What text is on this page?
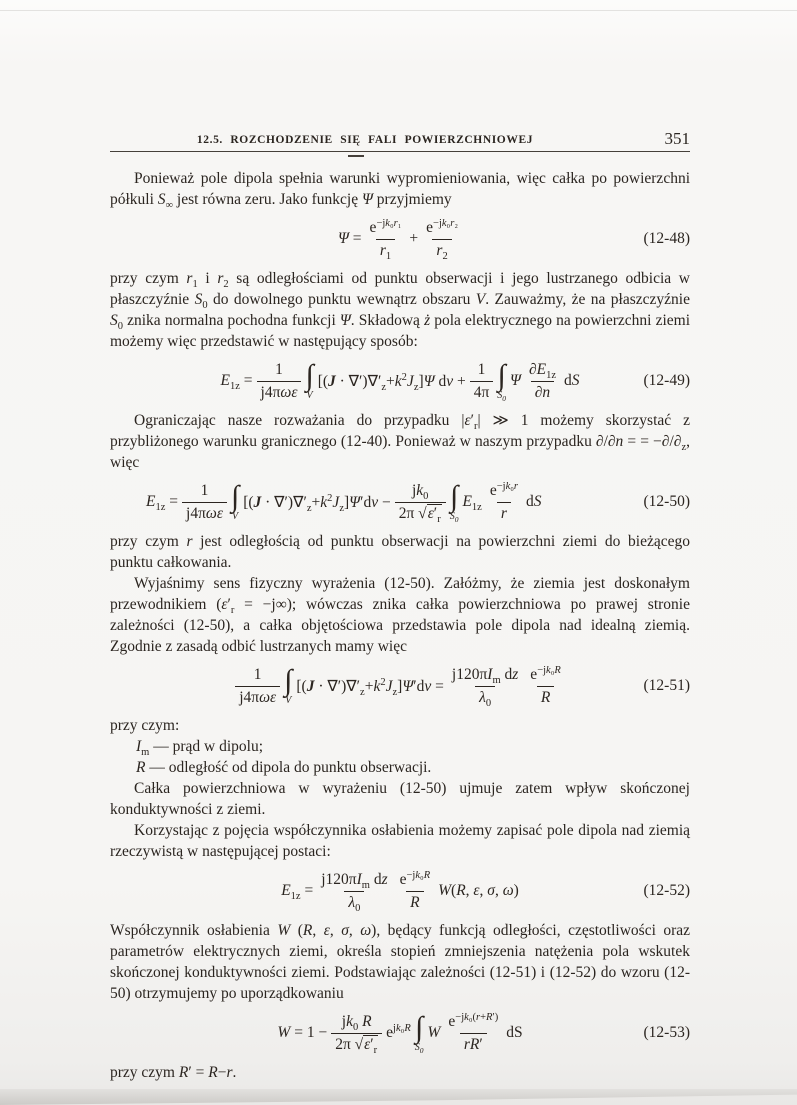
12.5. ROZCHODZENIE SIĘ FALI POWIERZCHNIOWEJ	351

Ponieważ pole dipola spełnia warunki wypromieniowania, więc całka po powierzchni półkuli $S_\infty$ jest równa zeru. Jako funkcję Ψ przyjmiemy

$\Psi = \frac{e^{-jk_0r_1}}{r_1} + \frac{e^{-jk_0r_2}}{r_2}$	(12-48)

przy czym $r_1$ i $r_2$ są odległościami od punktu obserwacji i jego lustrzanego odbicia w płaszczyźnie $S_0$ do dowolnego punktu wewnątrz obszaru V. Zauważmy, że na płaszczyźnie $S_0$ znika normalna pochodna funkcji Ψ. Składową ż pola elektrycznego na powierzchni ziemi możemy więc przedstawić w następujący sposób:

$E_{1z} = \frac{1}{\text{j4πωε}}$ ∫
V
$[(J \cdot \nabla')\nabla'_z+k^2J_z]\Psi$ dv + $\frac{1}{4\pi}$ ∫
$S_0$
Ψ $\frac{\partial E_{1z}}{\partial n}$ dS	(12-49)

Ograniczając nasze rozważania do przypadku $|\varepsilon'_r|$ ≫ 1 możemy skorzystać z przybliżonego warunku granicznego (12-40). Ponieważ w naszym przypadku ∂/∂n = = $-\partial/\partial_z$, więc

$E_{1z} = \frac{1}{\text{j4πωε}}$ ∫
V
$[(J \cdot \nabla')\nabla'_z+k^2J_z]\Psi'dv - \frac{jk_0}{2\pi √\varepsilon'_r}$ ∫
$S_0$
$E_{1z} \frac{e^{-jk_0r}}{r}$ dS	(12-50)

przy czym r jest odległością od punktu obserwacji na powierzchni ziemi do bieżącego punktu całkowania.

Wyjaśnimy sens fizyczny wyrażenia (12-50). Załóżmy, że ziemia jest doskonałym przewodnikiem $(\varepsilon'_r = -j\infty)$; wówczas znika całka powierzchniowa po prawej stronie zależności (12-50), a całka objętościowa przedstawia pole dipola nad idealną ziemią. Zgodnie z zasadą odbić lustrzanych mamy więc

$\frac{1}{\text{j4πωε}}$ ∫
V
$[(J \cdot \nabla')\nabla'_z+k^2J_z]\Psi'dv = \frac{j120\pi I_m dz}{\lambda_0} \frac{e^{-jk_0R}}{R}$	(12-51)

przy czym:

$I_m$ — prąd w dipolu;

R — odległość od dipola do punktu obserwacji.

Całka powierzchniowa w wyrażeniu (12-50) ujmuje zatem wpływ skończonej konduktywności z ziemi.

Korzystając z pojęcia współczynnika osłabienia możemy zapisać pole dipola nad ziemią rzeczywistą w następującej postaci:

$E_{1z} = \frac{j120\pi I_m dz}{\lambda_0} \frac{e^{-jk_0R}}{R} W(R$, ε, σ, ω)	(12-52)

Współczynnik osłabienia W (R, ε, σ, ω), będący funkcją odległości, częstotliwości oraz parametrów elektrycznych ziemi, określa stopień zmniejszenia natężenia pola wskutek skończonej konduktywności ziemi. Podstawiając zależności (12-51) i (12-52) do wzoru (12-50) otrzymujemy po uporządkowaniu

$W = 1 - \frac{jk_0 R}{2\pi √\varepsilon'_r} e^{jk_0R}$ ∫
$S_0$
W $\frac{e^{-jk_0(r+R')}}{rR'}$ dS	(12-53)

przy czym R′ = R−r.
